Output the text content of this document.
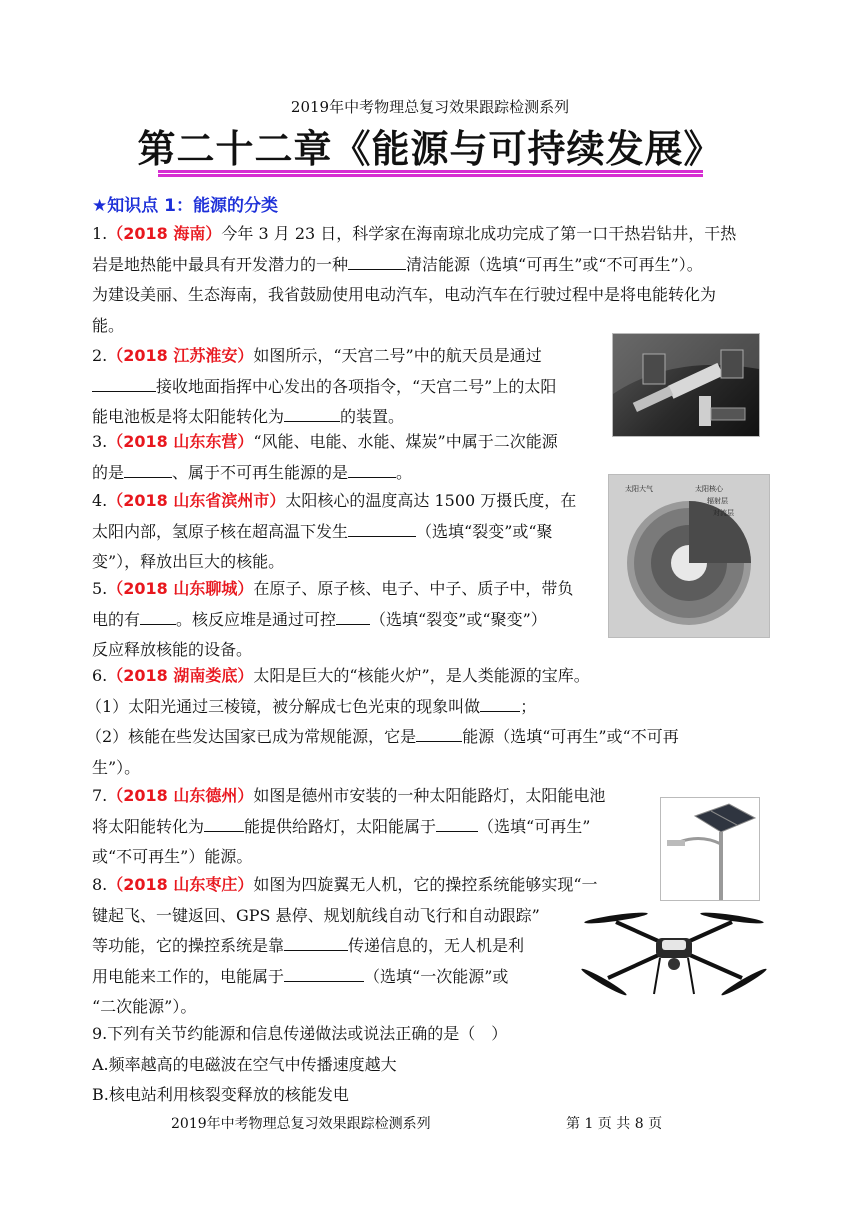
2019年中考物理总复习效果跟踪检测系列
第二十二章《能源与可持续发展》
★知识点 1：能源的分类
1.（2018 海南）今年 3 月 23 日，科学家在海南琼北成功完成了第一口干热岩钻井，干热
岩是地热能中最具有开发潜力的一种	清洁能源（选填“可再生”或“不可再生”）。
为建设美丽、生态海南，我省鼓励使用电动汽车，电动汽车在行驶过程中是将电能转化为
能。
2.（2018 江苏淮安）如图所示，“天宫二号”中的航天员是通过
接收地面指挥中心发出的各项指令，“天宫二号”上的太阳
能电池板是将太阳能转化为	的装置。
3.（2018 山东东营）“风能、电能、水能、煤炭”中属于二次能源
的是	、属于不可再生能源的是	。
4.（2018 山东省滨州市）太阳核心的温度高达 1500 万摄氏度，在
太阳内部，氢原子核在超高温下发生	（选填“裂变”或“聚
变”），释放出巨大的核能。
5.（2018 山东聊城）在原子、原子核、电子、中子、质子中，带负
电的有 。核反应堆是通过可控 （选填“裂变”或“聚变”）
反应释放核能的设备。
6.（2018 湖南娄底）太阳是巨大的“核能火炉”，是人类能源的宝库。
（1）太阳光通过三棱镜，被分解成七色光束的现象叫做	；
（2）核能在些发达国家已成为常规能源，它是	能源（选填“可再生”或“不可再
生”）。
7.（2018 山东德州）如图是德州市安装的一种太阳能路灯，太阳能电池
将太阳能转化为	能提供给路灯，太阳能属于	（选填“可再生”
或“不可再生”）能源。
8.（2018 山东枣庄）如图为四旋翼无人机，它的操控系统能够实现“一
键起飞、一键返回、GPS 悬停、规划航线自动飞行和自动跟踪”
等功能，它的操控系统是靠	传递信息的，无人机是利
用电能来工作的，电能属于	（选填“一次能源”或
“二次能源”）。
9.下列有关节约能源和信息传递做法或说法正确的是（　）
A.频率越高的电磁波在空气中传播速度越大
B.核电站利用核裂变释放的核能发电
太阳大气	太阳核心
辐射层
对流层
2019年中考物理总复习效果跟踪检测系列	第 1 页 共 8 页
